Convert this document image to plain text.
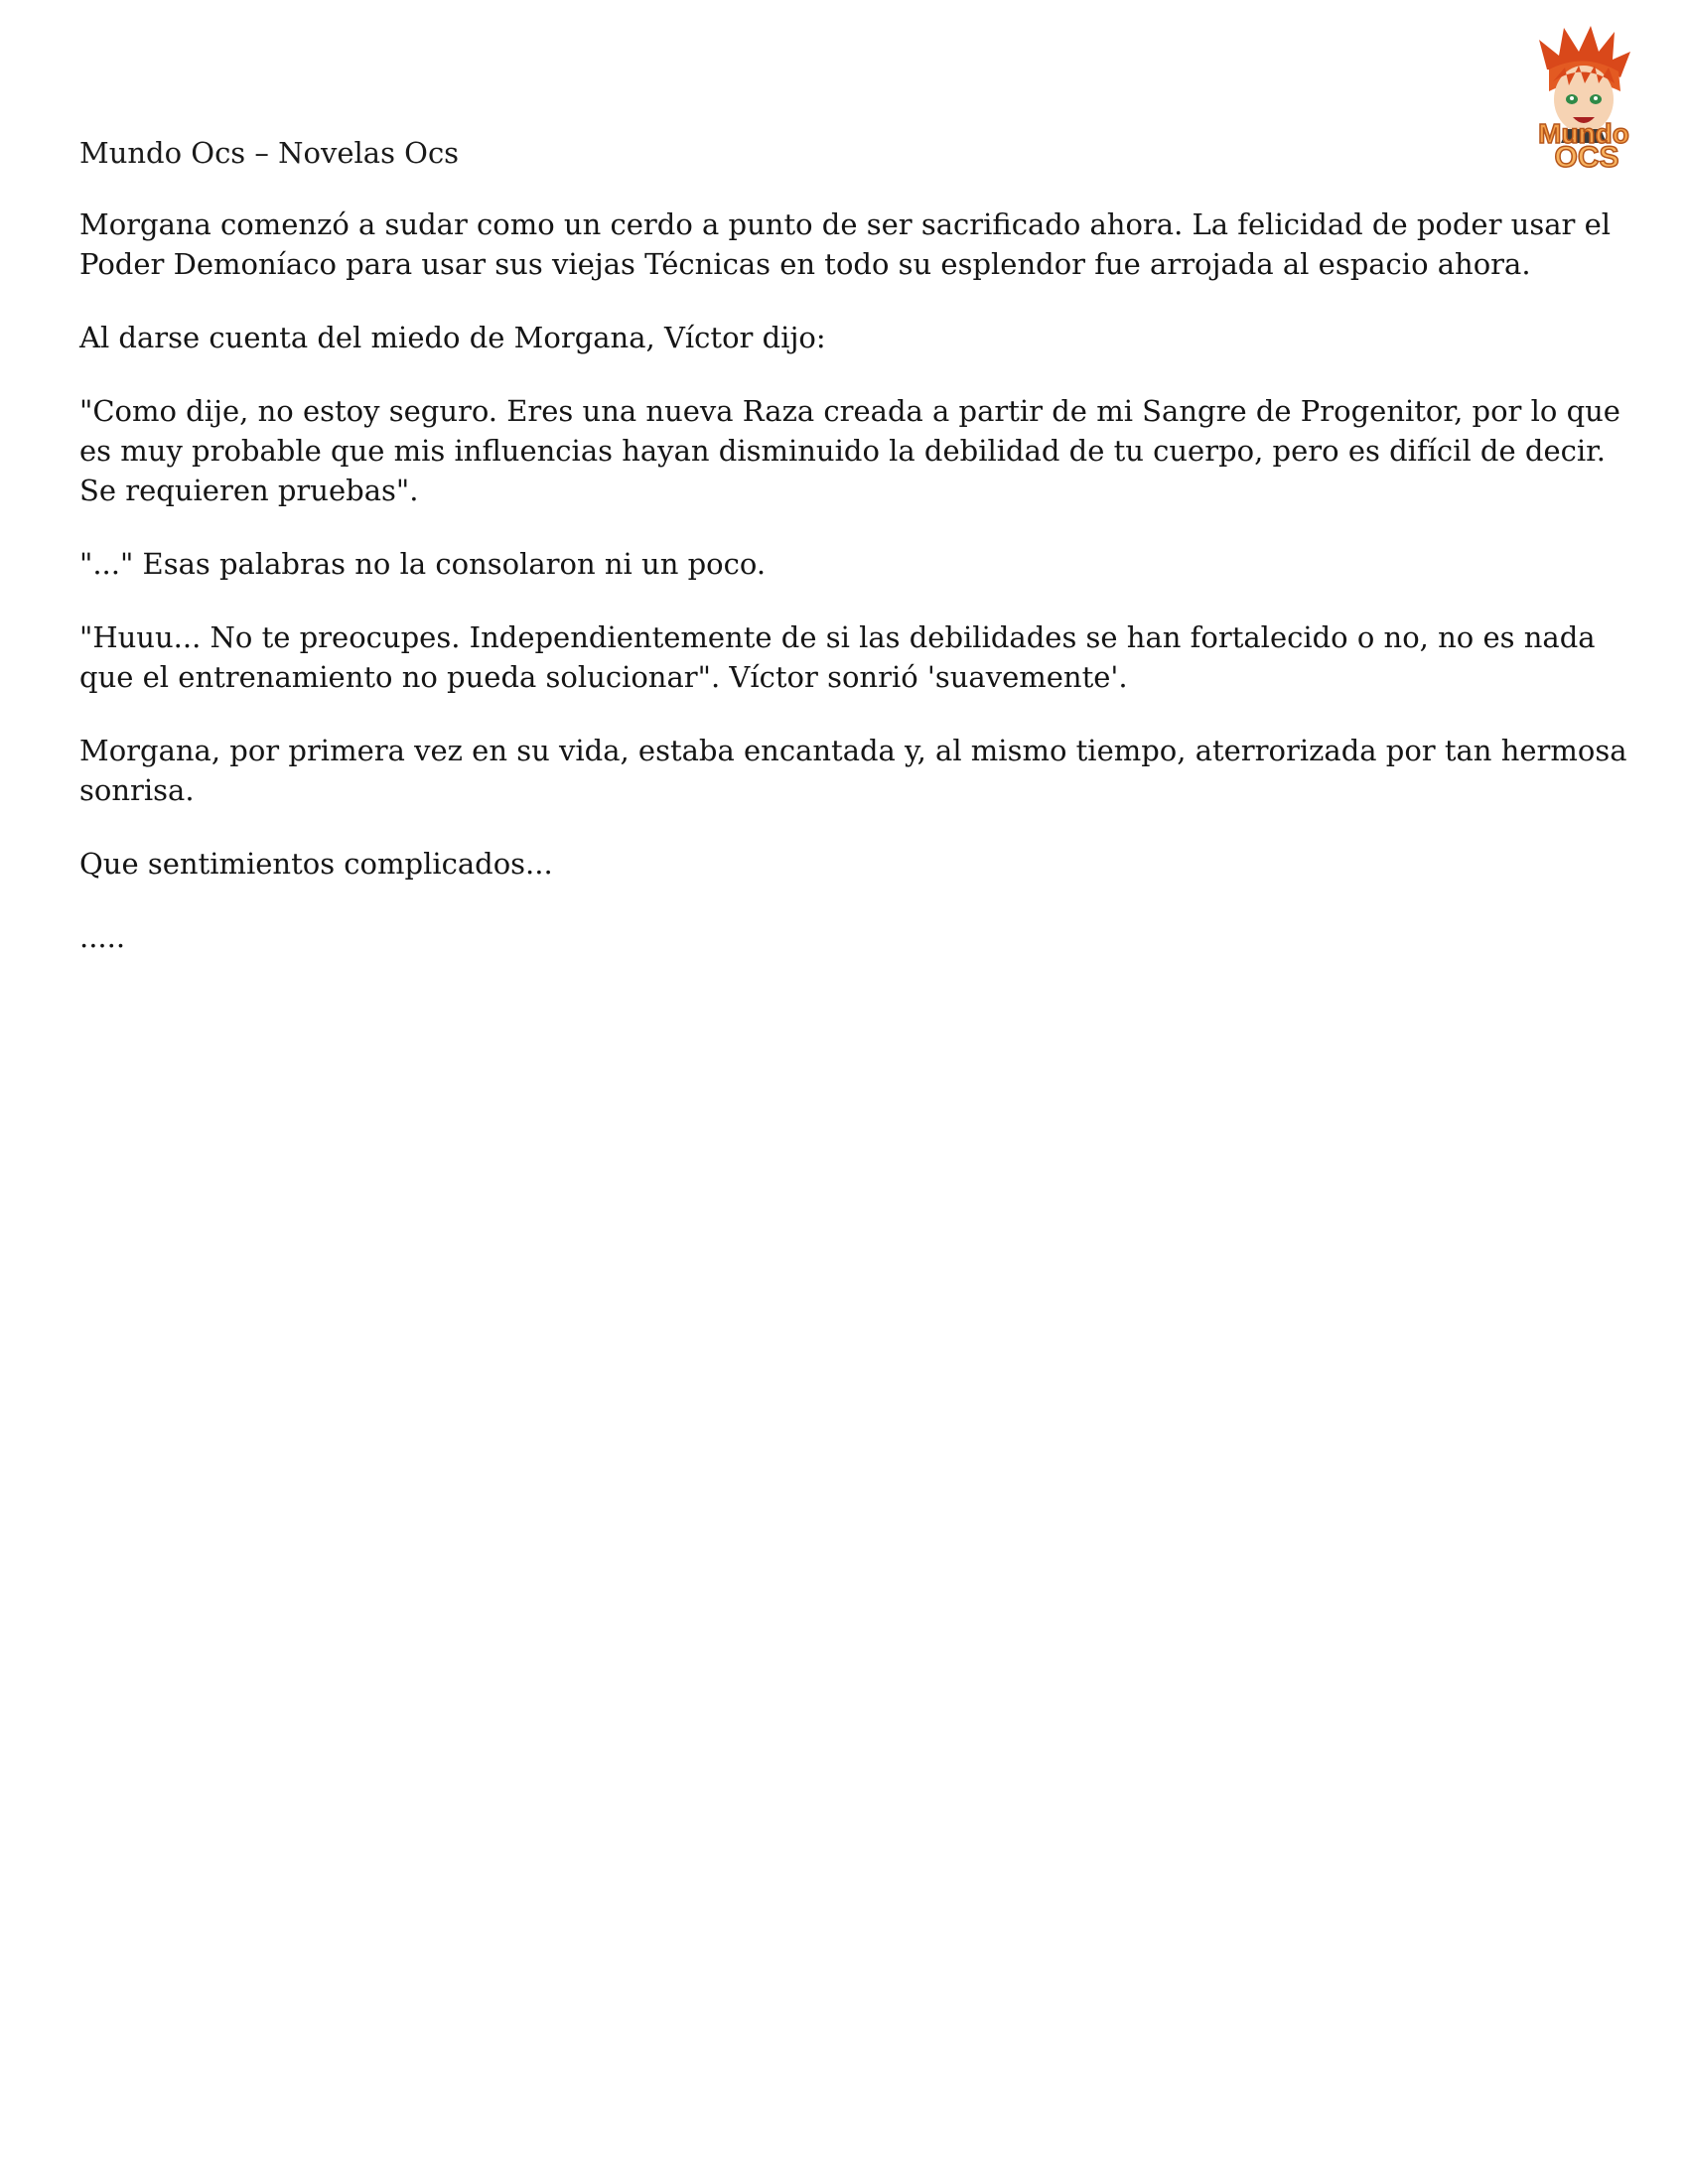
Mundo
OCS
Mundo Ocs – Novelas Ocs

Morgana comenzó a sudar como un cerdo a punto de ser sacrificado ahora. La felicidad de poder usar el Poder Demoníaco para usar sus viejas Técnicas en todo su esplendor fue arrojada al espacio ahora.

Al darse cuenta del miedo de Morgana, Víctor dijo:

"Como dije, no estoy seguro. Eres una nueva Raza creada a partir de mi Sangre de Progenitor, por lo que es muy probable que mis influencias hayan disminuido la debilidad de tu cuerpo, pero es difícil de decir. Se requieren pruebas".

"..." Esas palabras no la consolaron ni un poco.

"Huuu... No te preocupes. Independientemente de si las debilidades se han fortalecido o no, no es nada que el entrenamiento no pueda solucionar". Víctor sonrió 'suavemente'.

Morgana, por primera vez en su vida, estaba encantada y, al mismo tiempo, aterrorizada por tan hermosa sonrisa.

Que sentimientos complicados...

.....
